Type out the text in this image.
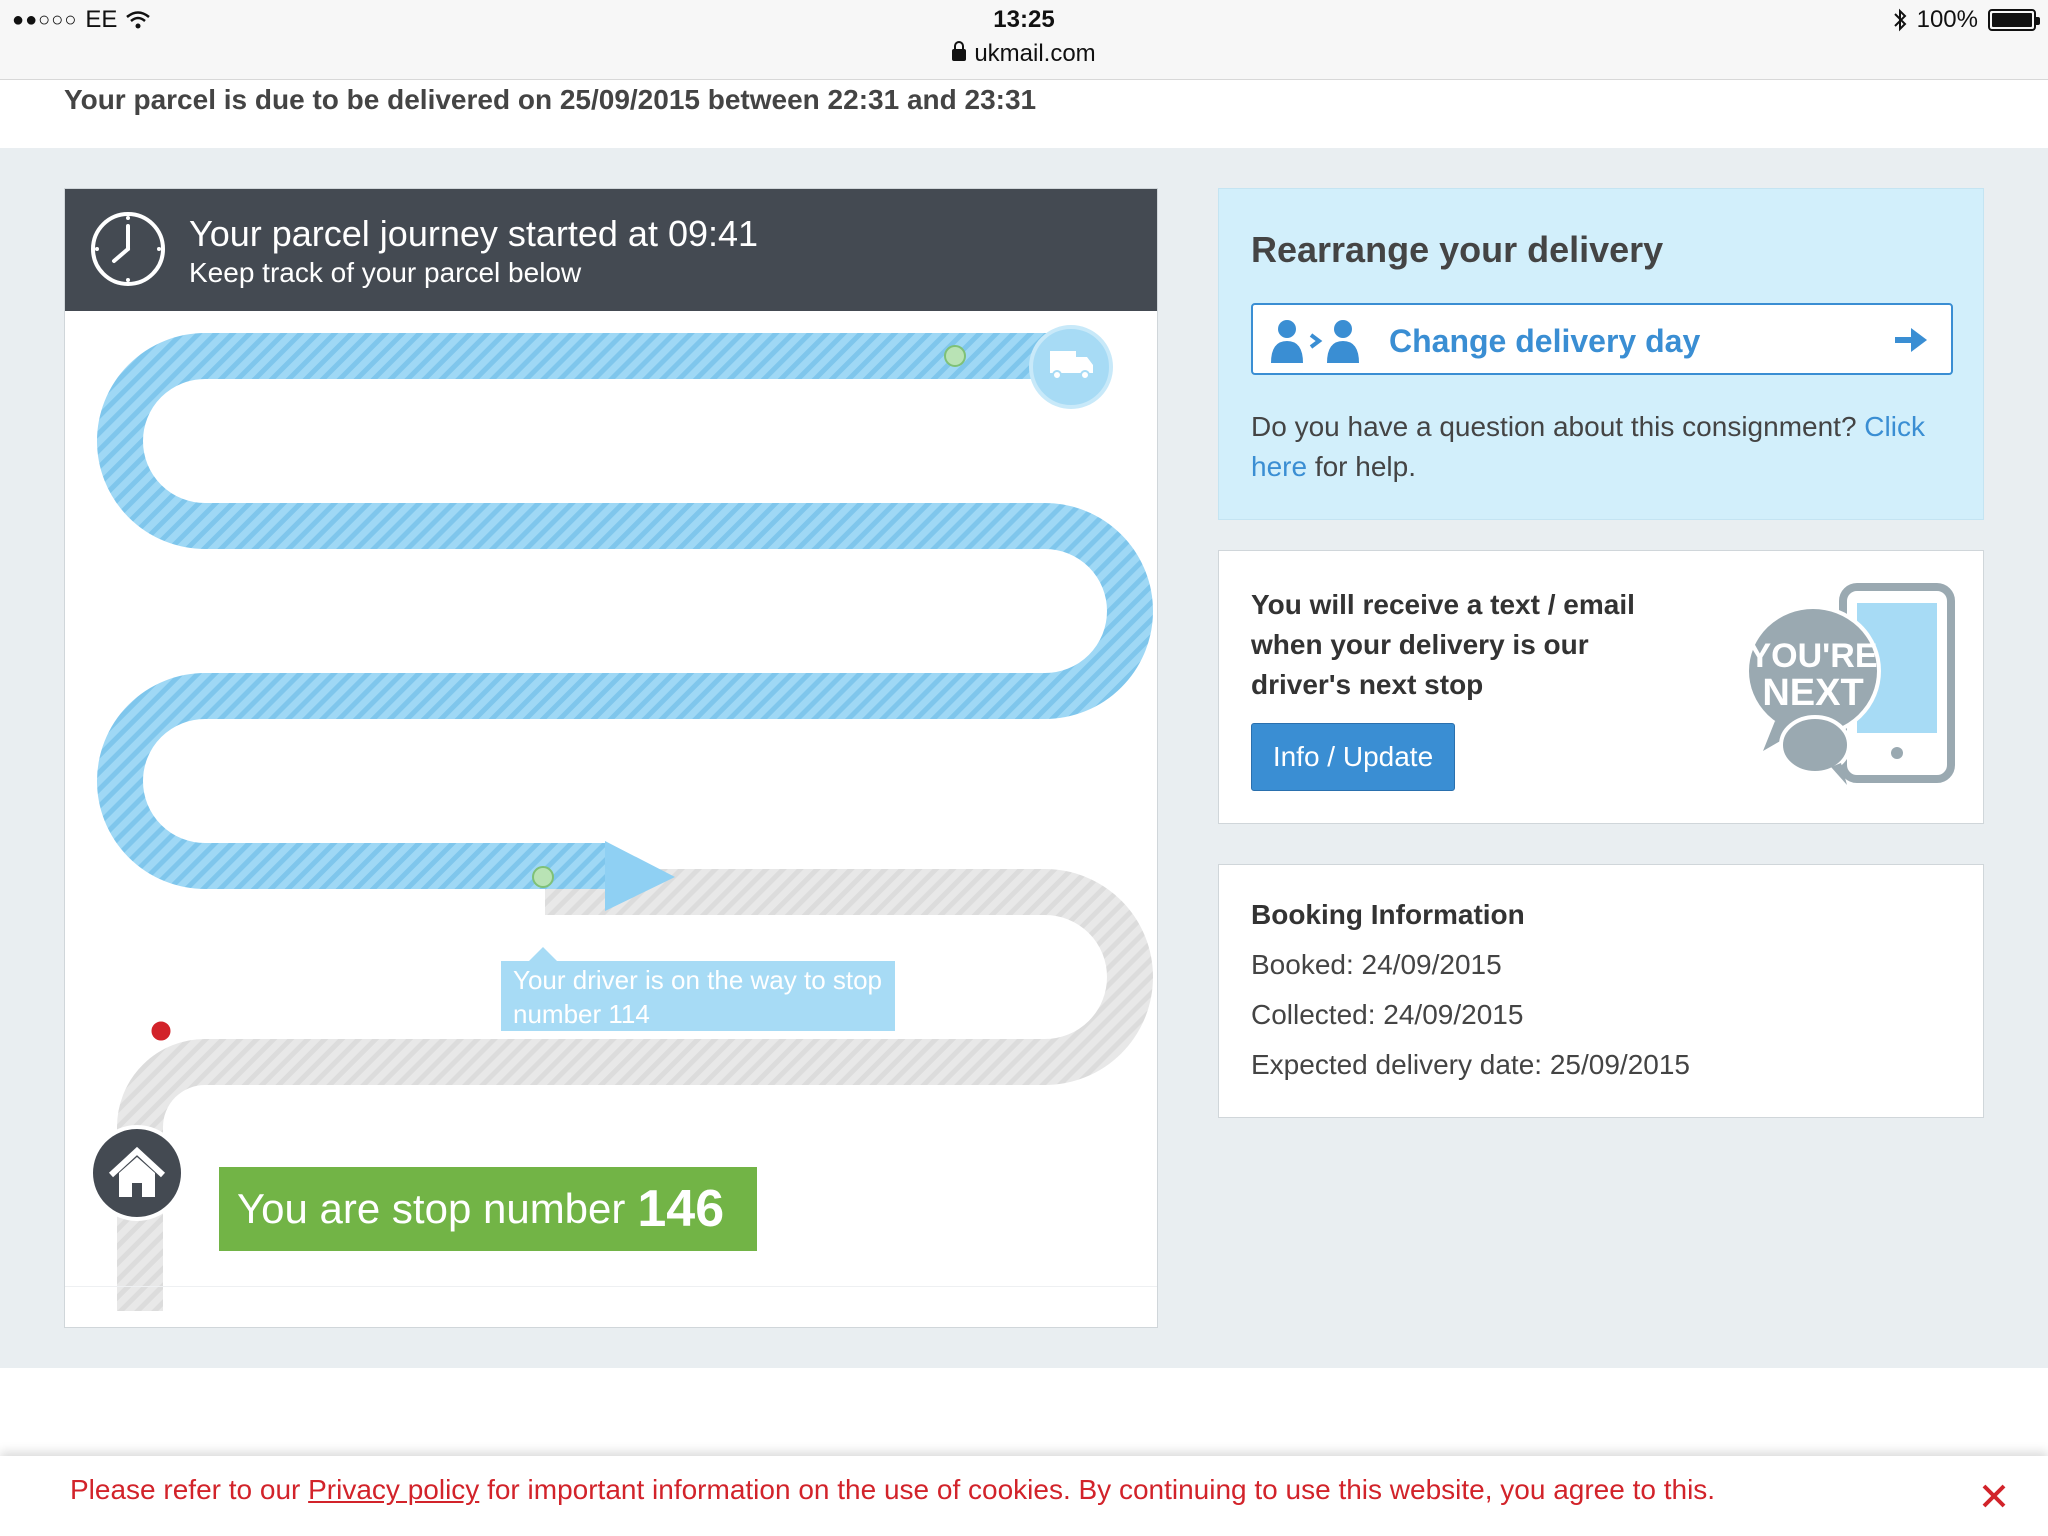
●●○○○ EE	13:25
ukmail.com
100%
Your parcel is due to be delivered on 25/09/2015 between 22:31 and 23:31
Your parcel journey started at 09:41
Keep track of your parcel below
Your driver is on the way to stop number 114
You are stop number 146
Rearrange your delivery
Change delivery day
Do you have a question about this consignment? Click here for help.
You will receive a text / email when your delivery is our driver's next stop
Info / Update
YOU'RE
NEXT
Booking Information
Booked: 24/09/2015
Collected: 24/09/2015
Expected delivery date: 25/09/2015
Please refer to our Privacy policy for important information on the use of cookies. By continuing to use this website, you agree to this.
